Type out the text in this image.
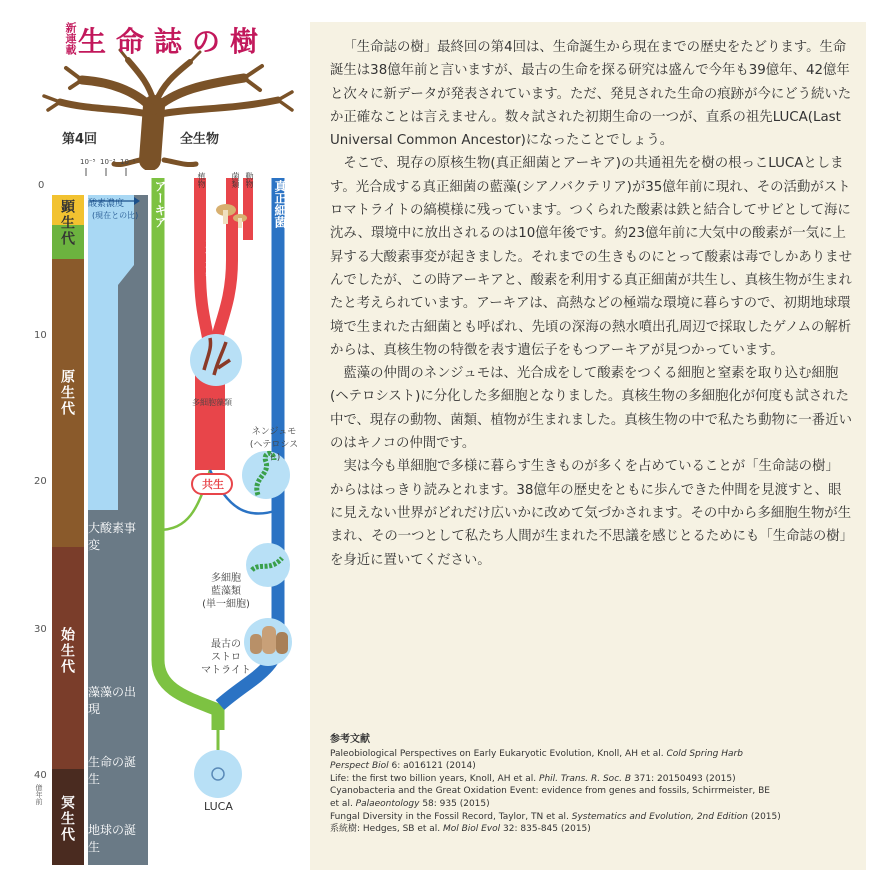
新連載 生命誌の樹
第4回	全生物
10⁻⁵ 10⁻³ 10⁻¹
0
10
20
30
40
億年前
顕生代
原生代
始生代
冥生代
酸素濃度
(現在との比)
大酸素事変
藻藻の出現
生命の誕生
地球の誕生
アーキア	真正細菌
真核生物
植物	菌類 動物
共生
LUCA
多細胞藻類
ネンジュモ
(ヘテロシスト)
多細胞
藍藻類
(単一細胞)
最古の
ストロ
マトライト

「生命誌の樹」最終回の第4回は、生命誕生から現在までの歴史をたどります。生命誕生は38億年前と言いますが、最古の生命を探る研究は盛んで今年も39億年、42億年と次々に新データが発表されています。ただ、発見された生命の痕跡が今にどう続いたか正確なことは言えません。数々試された初期生命の一つが、直系の祖先LUCA(Last Universal Common Ancestor)になったことでしょう。

そこで、現存の原核生物(真正細菌とアーキア)の共通祖先を樹の根っこLUCAとします。光合成する真正細菌の藍藻(シアノバクテリア)が35億年前に現れ、その活動がストロマトライトの縞模様に残っています。つくられた酸素は鉄と結合してサビとして海に沈み、環境中に放出されるのは10億年後です。約23億年前に大気中の酸素が一気に上昇する大酸素事変が起きました。それまでの生きものにとって酸素は毒でしかありませんでしたが、この時アーキアと、酸素を利用する真正細菌が共生し、真核生物が生まれたと考えられています。アーキアは、高熱などの極端な環境に暮らすので、初期地球環境で生まれた古細菌とも呼ばれ、先頃の深海の熱水噴出孔周辺で採取したゲノムの解析からは、真核生物の特徴を表す遺伝子をもつアーキアが見つかっています。

藍藻の仲間のネンジュモは、光合成をして酸素をつくる細胞と窒素を取り込む細胞(ヘテロシスト)に分化した多細胞となりました。真核生物の多細胞化が何度も試された中で、現存の動物、菌類、植物が生まれました。真核生物の中で私たち動物に一番近いのはキノコの仲間です。

実は今も単細胞で多様に暮らす生きものが多くを占めていることが「生命誌の樹」からははっきり読みとれます。38億年の歴史をともに歩んできた仲間を見渡すと、眼に見えない世界がどれだけ広いかに改めて気づかされます。その中から多細胞生物が生まれ、その一つとして私たち人間が生まれた不思議を感じとるためにも「生命誌の樹」を身近に置いてください。

参考文献
Paleobiological Perspectives on Early Eukaryotic Evolution, Knoll, AH et al. Cold Spring Harb
Perspect Biol 6: a016121 (2014)
Life: the first two billion years, Knoll, AH et al. Phil. Trans. R. Soc. B 371: 20150493 (2015)
Cyanobacteria and the Great Oxidation Event: evidence from genes and fossils, Schirrmeister, BE
et al. Palaeontology 58: 935 (2015)
Fungal Diversity in the Fossil Record, Taylor, TN et al. Systematics and Evolution, 2nd Edition (2015)
系統樹: Hedges, SB et al. Mol Biol Evol 32: 835-845 (2015)
